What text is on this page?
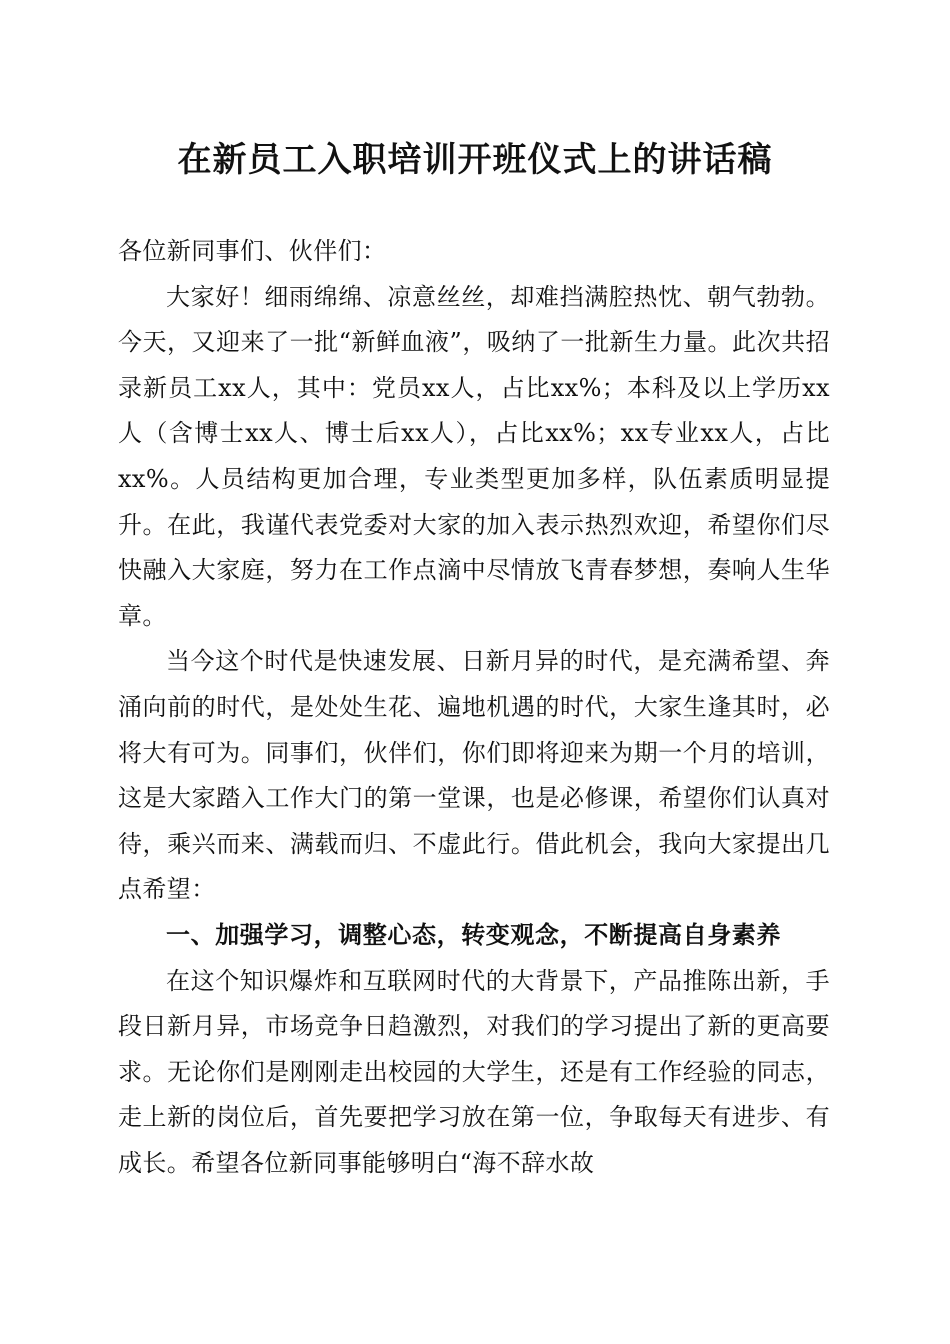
在新员工入职培训开班仪式上的讲话稿

各位新同事们、伙伴们：

大家好！细雨绵绵、凉意丝丝，却难挡满腔热忱、朝气勃勃。今天，又迎来了一批“新鲜血液”，吸纳了一批新生力量。此次共招录新员工xx人，其中：党员xx人，占比xx%；本科及以上学历xx人（含博士xx人、博士后xx人），占比xx%；xx专业xx人，占比xx%。人员结构更加合理，专业类型更加多样，队伍素质明显提升。在此，我谨代表党委对大家的加入表示热烈欢迎，希望你们尽快融入大家庭，努力在工作点滴中尽情放飞青春梦想，奏响人生华章。

当今这个时代是快速发展、日新月异的时代，是充满希望、奔涌向前的时代，是处处生花、遍地机遇的时代，大家生逢其时，必将大有可为。同事们，伙伴们，你们即将迎来为期一个月的培训，这是大家踏入工作大门的第一堂课，也是必修课，希望你们认真对待，乘兴而来、满载而归、不虚此行。借此机会，我向大家提出几点希望：

一、加强学习，调整心态，转变观念，不断提高自身素养

在这个知识爆炸和互联网时代的大背景下，产品推陈出新，手段日新月异，市场竞争日趋激烈，对我们的学习提出了新的更高要求。无论你们是刚刚走出校园的大学生，还是有工作经验的同志，走上新的岗位后，首先要把学习放在第一位，争取每天有进步、有成长。希望各位新同事能够明白“海不辞水故
